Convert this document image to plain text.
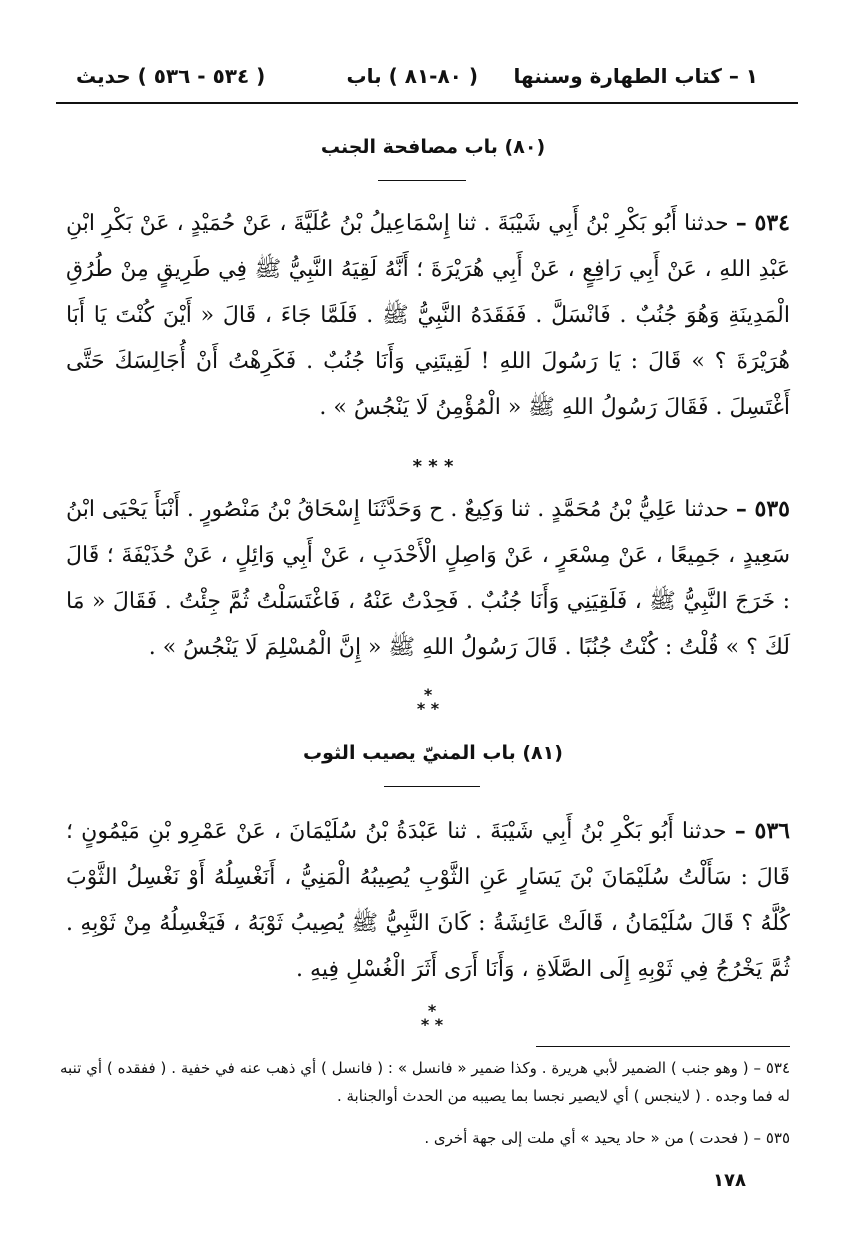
١ – كتاب الطهارة وسننها
( ٨٠-٨١ ) باب
( ٥٣٤ - ٥٣٦ ) حديث
(٨٠) باب مصافحة الجنب
٥٣٤ – حدثنا أَبُو بَكْرِ بْنُ أَبِي شَيْبَةَ . ثنا إِسْمَاعِيلُ بْنُ عُلَيَّةَ ، عَنْ حُمَيْدٍ ، عَنْ بَكْرِ ابْنِ عَبْدِ اللهِ ، عَنْ أَبِي رَافِعٍ ، عَنْ أَبِي هُرَيْرَةَ ؛ أَنَّهُ لَقِيَهُ النَّبِيُّ ﷺ فِي طَرِيقٍ مِنْ طُرُقِ الْمَدِينَةِ وَهُوَ جُنُبٌ . فَانْسَلَّ . فَفَقَدَهُ النَّبِيُّ ﷺ . فَلَمَّا جَاءَ ، قَالَ « أَيْنَ كُنْتَ يَا أَبَا هُرَيْرَةَ ؟ » قَالَ : يَا رَسُولَ اللهِ ! لَقِيتَنِي وَأَنَا جُنُبٌ . فَكَرِهْتُ أَنْ أُجَالِسَكَ حَتَّى أَغْتَسِلَ . فَقَالَ رَسُولُ اللهِ ﷺ « الْمُؤْمِنُ لَا يَنْجُسُ » .
* * *
٥٣٥ – حدثنا عَلِيُّ بْنُ مُحَمَّدٍ . ثنا وَكِيعٌ . ح وَحَدَّثَنَا إِسْحَاقُ بْنُ مَنْصُورٍ . أَنْبَأَ يَحْيَى ابْنُ سَعِيدٍ ، جَمِيعًا ، عَنْ مِسْعَرٍ ، عَنْ وَاصِلٍ الْأَحْدَبِ ، عَنْ أَبِي وَائِلٍ ، عَنْ حُذَيْفَةَ ؛ قَالَ : خَرَجَ النَّبِيُّ ﷺ ، فَلَقِيَنِي وَأَنَا جُنُبٌ . فَحِدْتُ عَنْهُ ، فَاغْتَسَلْتُ ثُمَّ جِئْتُ . فَقَالَ « مَا لَكَ ؟ » قُلْتُ : كُنْتُ جُنُبًا . قَالَ رَسُولُ اللهِ ﷺ « إِنَّ الْمُسْلِمَ لَا يَنْجُسُ » .
*
* *
(٨١) باب المنيّ يصيب الثوب
٥٣٦ – حدثنا أَبُو بَكْرِ بْنُ أَبِي شَيْبَةَ . ثنا عَبْدَةُ بْنُ سُلَيْمَانَ ، عَنْ عَمْرِو بْنِ مَيْمُونٍ ؛ قَالَ : سَأَلْتُ سُلَيْمَانَ بْنَ يَسَارٍ عَنِ الثَّوْبِ يُصِيبُهُ الْمَنِيُّ ، أَنَغْسِلُهُ أَوْ نَغْسِلُ الثَّوْبَ كُلَّهُ ؟ قَالَ سُلَيْمَانُ ، قَالَتْ عَائِشَةُ : كَانَ النَّبِيُّ ﷺ يُصِيبُ ثَوْبَهُ ، فَيَغْسِلُهُ مِنْ ثَوْبِهِ . ثُمَّ يَخْرُجُ فِي ثَوْبِهِ إِلَى الصَّلَاةِ ، وَأَنَا أَرَى أَثَرَ الْغُسْلِ فِيهِ .
*
* *
٥٣٤ – ( وهو جنب ) الضمير لأبي هريرة . وكذا ضمير « فانسل » : ( فانسل ) أي ذهب عنه في خفية . ( ففقده ) أي تنبه له فما وجده . ( لاينجس ) أي لايصير نجسا بما يصيبه من الحدث أوالجنابة .
٥٣٥ – ( فحدت ) من « حاد يحيد » أي ملت إلى جهة أخرى .
١٧٨
